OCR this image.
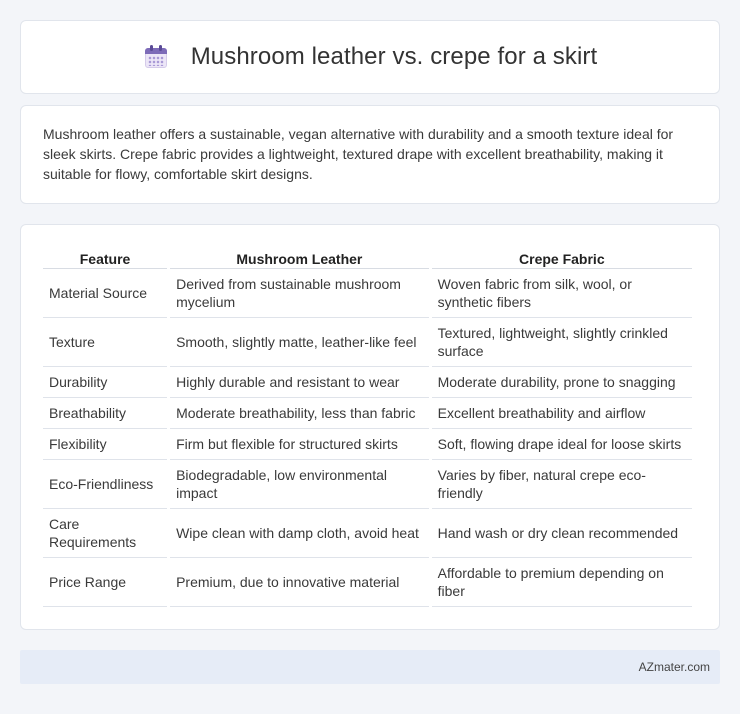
Mushroom leather vs. crepe for a skirt

Mushroom leather offers a sustainable, vegan alternative with durability and a smooth texture ideal for sleek skirts. Crepe fabric provides a lightweight, textured drape with excellent breathability, making it suitable for flowy, comfortable skirt designs.

Feature	Mushroom Leather	Crepe Fabric
Material Source	Derived from sustainable mushroom mycelium	Woven fabric from silk, wool, or synthetic fibers
Texture	Smooth, slightly matte, leather-like feel	Textured, lightweight, slightly crinkled surface
Durability	Highly durable and resistant to wear	Moderate durability, prone to snagging
Breathability	Moderate breathability, less than fabric	Excellent breathability and airflow
Flexibility	Firm but flexible for structured skirts	Soft, flowing drape ideal for loose skirts
Eco-Friendliness	Biodegradable, low environmental impact	Varies by fiber, natural crepe eco-friendly
Care Requirements	Wipe clean with damp cloth, avoid heat	Hand wash or dry clean recommended
Price Range	Premium, due to innovative material	Affordable to premium depending on fiber
AZmater.com
